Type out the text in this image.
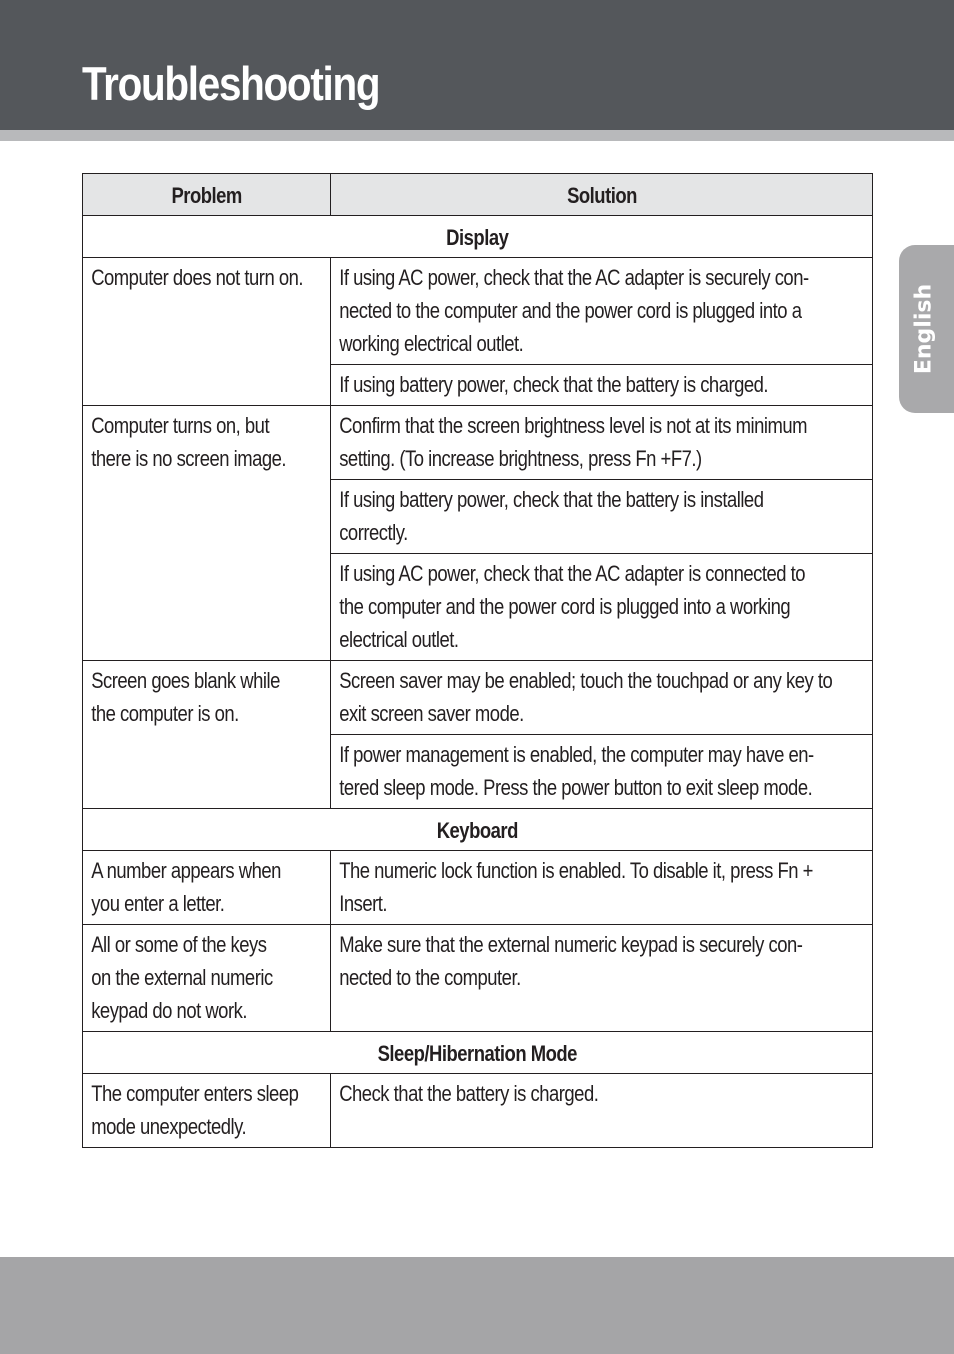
Troubleshooting
English
Problem	Solution

Display	

Computer does not turn on.	If using AC power, check that the AC adapter is securely con-
nected to the computer and the power cord is plugged into a
working electrical outlet.

	If using battery power, check that the battery is charged.

Computer turns on, but
there is no screen image.	Confirm that the screen brightness level is not at its minimum
setting. (To increase brightness, press Fn +F7.)

	If using battery power, check that the battery is installed
correctly.

	If using AC power, check that the AC adapter is connected to
the computer and the power cord is plugged into a working
electrical outlet.

Screen goes blank while
the computer is on.	Screen saver may be enabled; touch the touchpad or any key to
exit screen saver mode.

	If power management is enabled, the computer may have en-
tered sleep mode. Press the power button to exit sleep mode.

Keyboard	

A number appears when
you enter a letter.	The numeric lock function is enabled. To disable it, press Fn +
Insert.

All or some of the keys
on the external numeric
keypad do not work.	Make sure that the external numeric keypad is securely con-
nected to the computer.

Sleep/Hibernation Mode	

The computer enters sleep
mode unexpectedly.	Check that the battery is charged.
